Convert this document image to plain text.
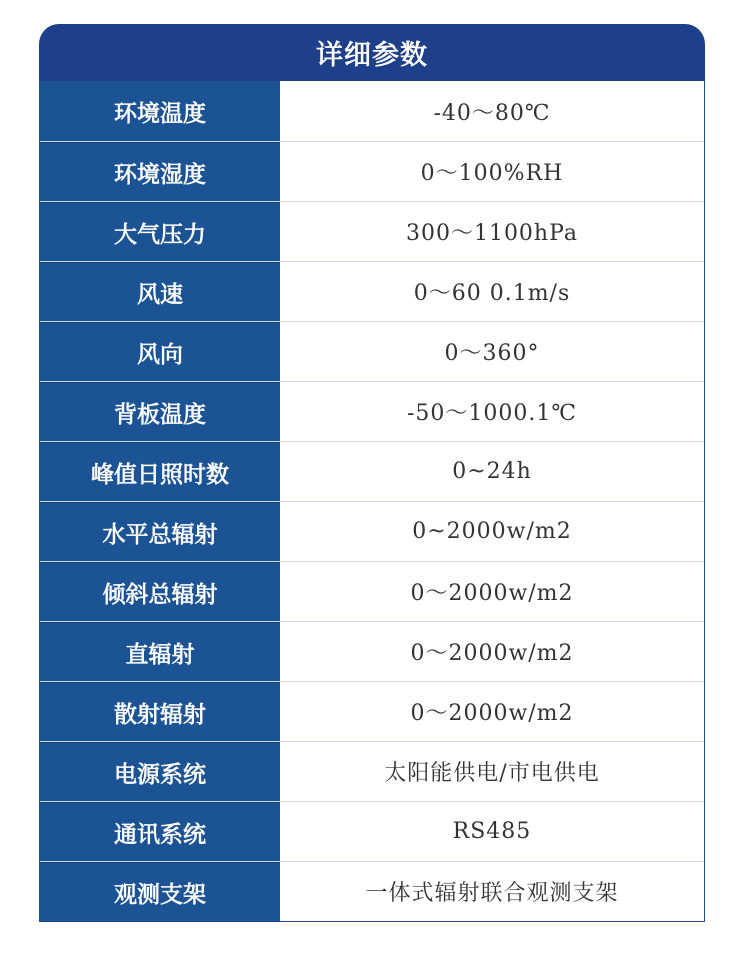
详细参数
环境温度	-40～80℃
环境湿度	0～100%RH
大气压力	300～1100hPa
风速	0～60 0.1m/s
风向	0～360°
背板温度	-50～1000.1℃
峰值日照时数	0~24h
水平总辐射	0~2000w/m2
倾斜总辐射	0～2000w/m2
直辐射	0～2000w/m2
散射辐射	0～2000w/m2
电源系统	太阳能供电/市电供电
通讯系统	RS485
观测支架	一体式辐射联合观测支架
